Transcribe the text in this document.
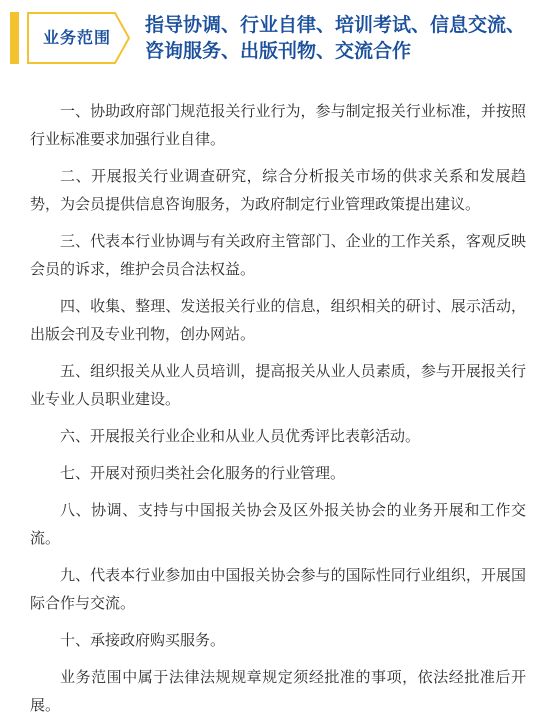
业务范围
指导协调、行业自律、培训考试、信息交流、
咨询服务、出版刊物、交流合作

一、协助政府部门规范报关行业行为，参与制定报关行业标准，并按照行业标准要求加强行业自律。

二、开展报关行业调查研究，综合分析报关市场的供求关系和发展趋势，为会员提供信息咨询服务，为政府制定行业管理政策提出建议。

三、代表本行业协调与有关政府主管部门、企业的工作关系，客观反映会员的诉求，维护会员合法权益。

四、收集、整理、发送报关行业的信息，组织相关的研讨、展示活动，出版会刊及专业刊物，创办网站。

五、组织报关从业人员培训，提高报关从业人员素质，参与开展报关行业专业人员职业建设。

六、开展报关行业企业和从业人员优秀评比表彰活动。

七、开展对预归类社会化服务的行业管理。

八、协调、支持与中国报关协会及区外报关协会的业务开展和工作交流。

九、代表本行业参加由中国报关协会参与的国际性同行业组织，开展国际合作与交流。

十、承接政府购买服务。

业务范围中属于法律法规规章规定须经批准的事项，依法经批准后开展。
